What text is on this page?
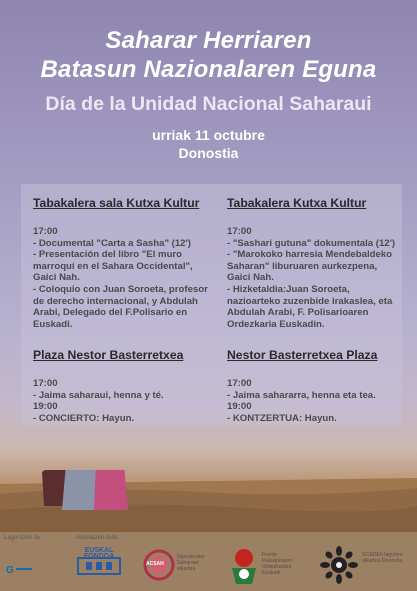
Saharar Herriaren
Batasun Nazionalaren Eguna
Día de la Unidad Nacional Saharaui
urriak 11 octubre
Donostia
Tabakalera sala Kutxa Kultur
17:00
- Documental "Carta a Sasha" (12')
- Presentación del libro "El muro marroquí en el Sahara Occidental", Gaici Nah.
- Coloquio con Juan Soroeta, profesor de derecho internacional, y Abdulah Arabi, Delegado del F.Polisario en Euskadi.
Plaza Nestor Basterretxea
17:00
- Jaima saharaui, henna y té.
19:00
- CONCIERTO: Hayun.
Tabakalera Kutxa Kultur
17:00
- "Sashari gutuna" dokumentala (12')
- "Marokoko harresia Mendebaldeko Saharan" liburuaren aurkezpena, Gaici Nah.
- Hizketaldia:Juan Soroeta, nazioarteko zuzenbide irakaslea, eta Abdulah Arabi, F. Polisarioaren Ordezkaria Euskadin.
Nestor Basterretxea Plaza
17:00
- Jaima sahararra, henna eta tea.
19:00
- KONTZERTUA: Hayun.
Laguntzen du:	Antolatzen dute:
G
EUSKAL FONDOA
ACSAH
Gipuzkoako Saharawi elkartea
Frente Polisarioaren Ordezkaritza Euskadi
SCADEn lagunen elkartea Donostia
